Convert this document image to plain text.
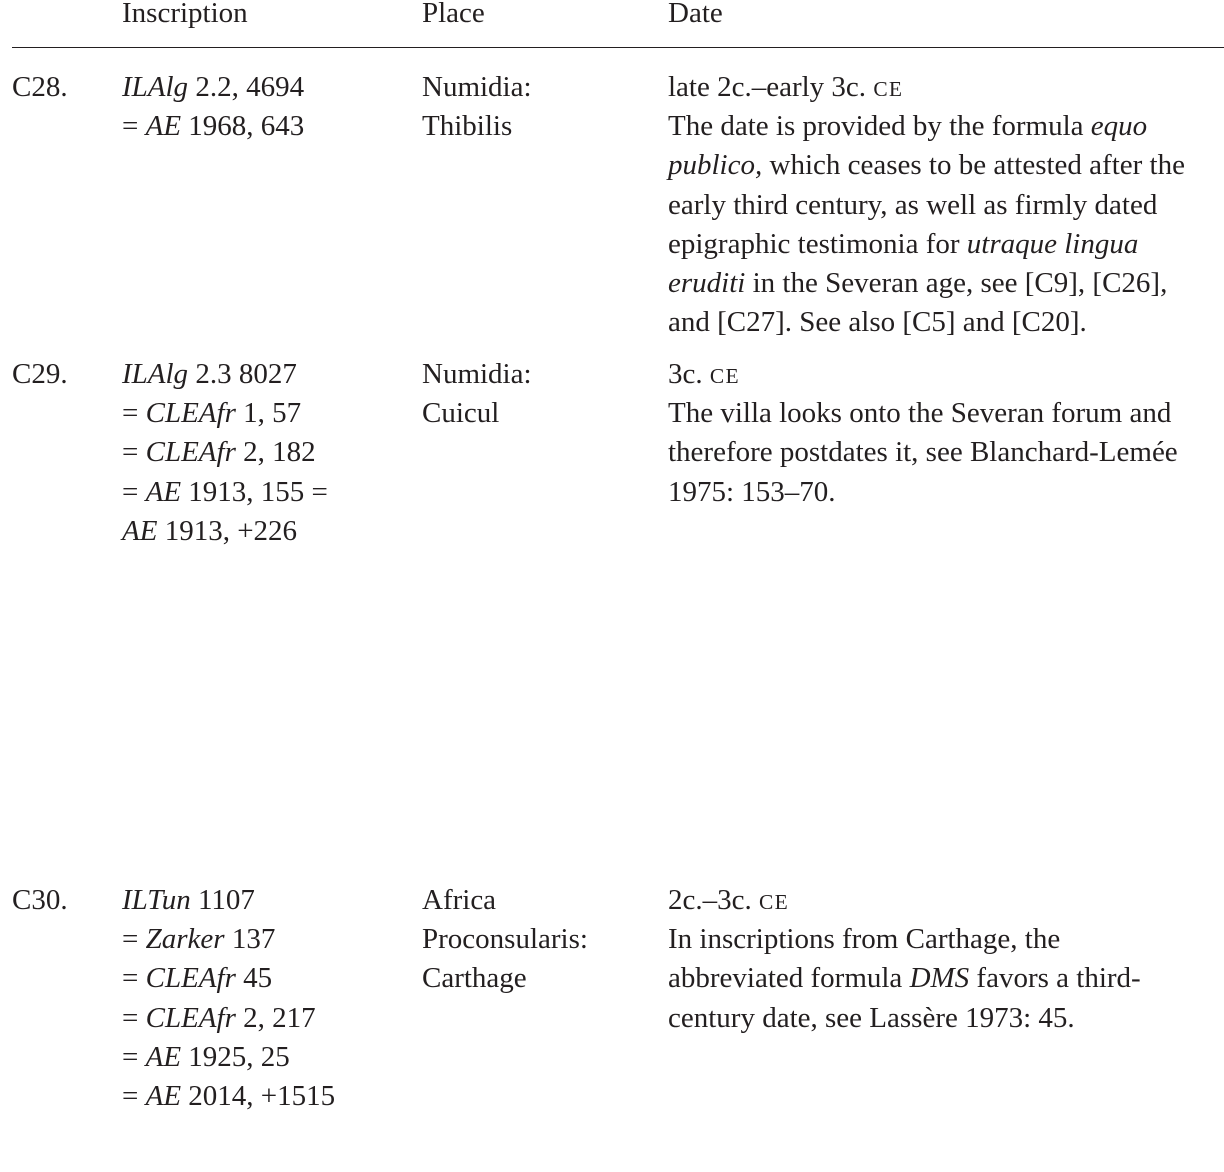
Inscription	Place	Date
C28. ILAlg 2.2, 4694
= AE 1968, 643
Numidia:
Thibilis
late 2c.–early 3c. CE
The date is provided by the formula equo
publico, which ceases to be attested after the
early third century, as well as firmly dated
epigraphic testimonia for utraque lingua
eruditi in the Severan age, see [C9], [C26],
and [C27]. See also [C5] and [C20].
C29. ILAlg 2.3 8027
= CLEAfr 1, 57
= CLEAfr 2, 182
= AE 1913, 155 =
AE 1913, +226
Numidia:
Cuicul
3c. CE
The villa looks onto the Severan forum and
therefore postdates it, see Blanchard-Lemée
1975: 153–70.
C30. ILTun 1107
= Zarker 137
= CLEAfr 45
= CLEAfr 2, 217
= AE 1925, 25
= AE 2014, +1515
Africa
Proconsularis:
Carthage
2c.–3c. CE
In inscriptions from Carthage, the
abbreviated formula DMS favors a third-
century date, see Lassère 1973: 45.
